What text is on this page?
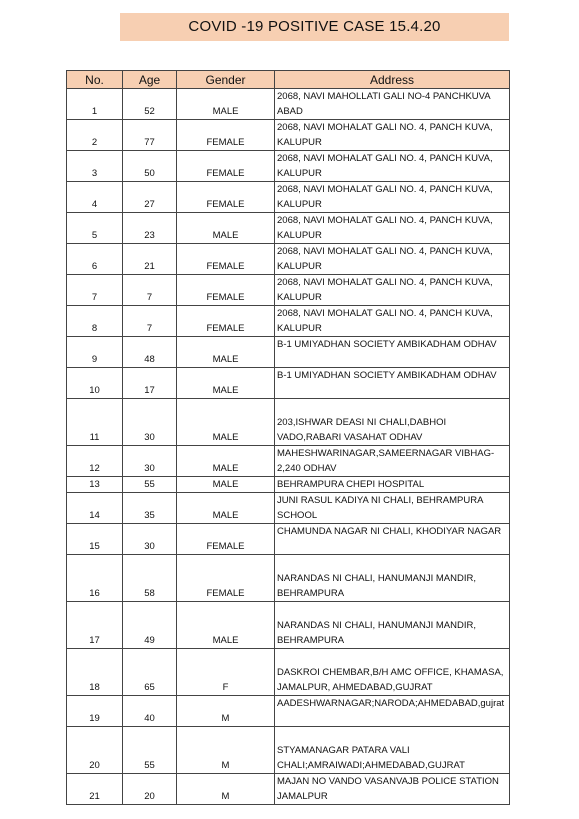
COVID -19 POSITIVE CASE 15.4.20
No.	Age	Gender	Address
1	52	MALE	2068, NAVI MAHOLLATI GALI NO-4 PANCHKUVA ABAD
2	77	FEMALE	2068, NAVI MOHALAT GALI NO. 4, PANCH KUVA, KALUPUR
3	50	FEMALE	2068, NAVI MOHALAT GALI NO. 4, PANCH KUVA, KALUPUR
4	27	FEMALE	2068, NAVI MOHALAT GALI NO. 4, PANCH KUVA, KALUPUR
5	23	MALE	2068, NAVI MOHALAT GALI NO. 4, PANCH KUVA, KALUPUR
6	21	FEMALE	2068, NAVI MOHALAT GALI NO. 4, PANCH KUVA, KALUPUR
7	7	FEMALE	2068, NAVI MOHALAT GALI NO. 4, PANCH KUVA, KALUPUR
8	7	FEMALE	2068, NAVI MOHALAT GALI NO. 4, PANCH KUVA, KALUPUR
9	48	MALE	B-1 UMIYADHAN SOCIETY AMBIKADHAM ODHAV
10	17	MALE	B-1 UMIYADHAN SOCIETY AMBIKADHAM ODHAV
11	30	MALE	203,ISHWAR DEASI NI CHALI,DABHOI VADO,RABARI VASAHAT ODHAV
12	30	MALE	MAHESHWARINAGAR,SAMEERNAGAR VIBHAG-2,240 ODHAV
13	55	MALE	BEHRAMPURA CHEPI HOSPITAL
14	35	MALE	JUNI RASUL KADIYA NI CHALI, BEHRAMPURA SCHOOL
15	30	FEMALE	CHAMUNDA NAGAR NI CHALI, KHODIYAR NAGAR
16	58	FEMALE	NARANDAS NI CHALI, HANUMANJI MANDIR, BEHRAMPURA
17	49	MALE	NARANDAS NI CHALI, HANUMANJI MANDIR, BEHRAMPURA
18	65	F	DASKROI CHEMBAR,B/H AMC OFFICE, KHAMASA, JAMALPUR, AHMEDABAD,GUJRAT
19	40	M	AADESHWARNAGAR;NARODA;AHMEDABAD,gujrat
20	55	M	STYAMANAGAR PATARA VALI CHALI;AMRAIWADI;AHMEDABAD,GUJRAT
21	20	M	MAJAN NO VANDO VASANVAJB POLICE STATION JAMALPUR
